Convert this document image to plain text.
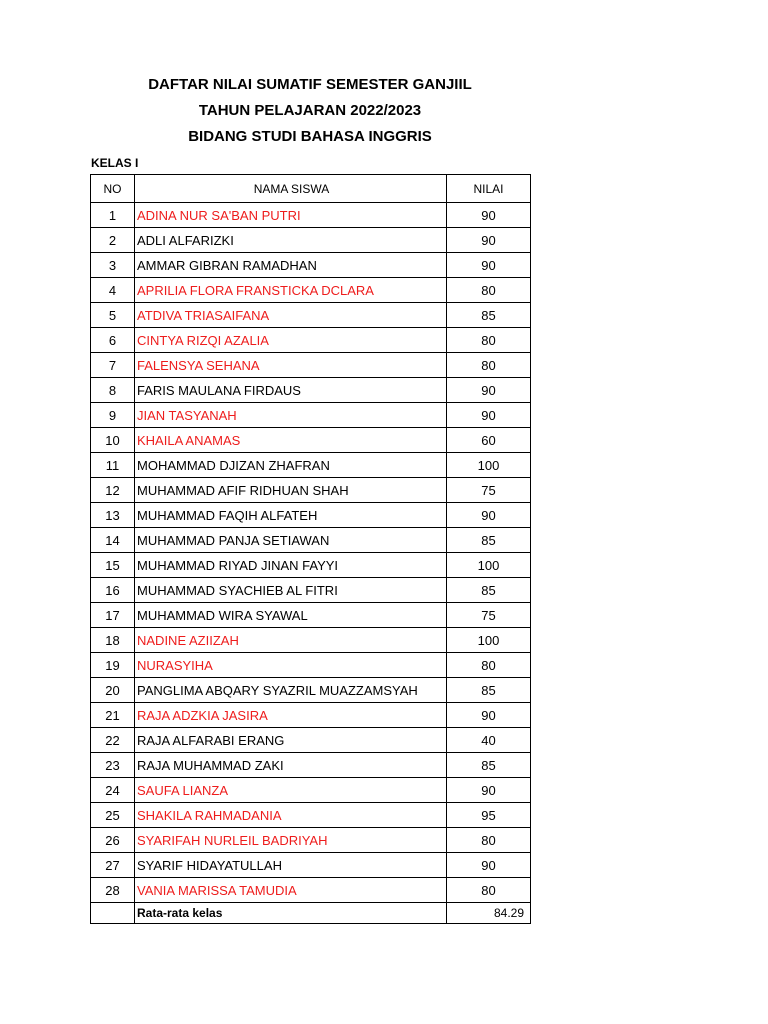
DAFTAR NILAI SUMATIF SEMESTER GANJIIL
TAHUN PELAJARAN 2022/2023
BIDANG STUDI BAHASA INGGRIS
KELAS I
NO	NAMA SISWA	NILAI
1	ADINA NUR SA'BAN PUTRI	90
2	ADLI ALFARIZKI	90
3	AMMAR GIBRAN RAMADHAN	90
4	APRILIA FLORA FRANSTICKA DCLARA	80
5	ATDIVA TRIASAIFANA	85
6	CINTYA RIZQI AZALIA	80
7	FALENSYA SEHANA	80
8	FARIS MAULANA FIRDAUS	90
9	JIAN TASYANAH	90
10	KHAILA ANAMAS	60
11	MOHAMMAD DJIZAN ZHAFRAN	100
12	MUHAMMAD AFIF RIDHUAN SHAH	75
13	MUHAMMAD FAQIH ALFATEH	90
14	MUHAMMAD PANJA SETIAWAN	85
15	MUHAMMAD RIYAD JINAN FAYYI	100
16	MUHAMMAD SYACHIEB AL FITRI	85
17	MUHAMMAD WIRA SYAWAL	75
18	NADINE AZIIZAH	100
19	NURASYIHA	80
20	PANGLIMA ABQARY SYAZRIL MUAZZAMSYAH	85
21	RAJA ADZKIA JASIRA	90
22	RAJA ALFARABI ERANG	40
23	RAJA MUHAMMAD ZAKI	85
24	SAUFA LIANZA	90
25	SHAKILA RAHMADANIA	95
26	SYARIFAH NURLEIL BADRIYAH	80
27	SYARIF HIDAYATULLAH	90
28	VANIA MARISSA TAMUDIA	80
	Rata-rata kelas	84.29
